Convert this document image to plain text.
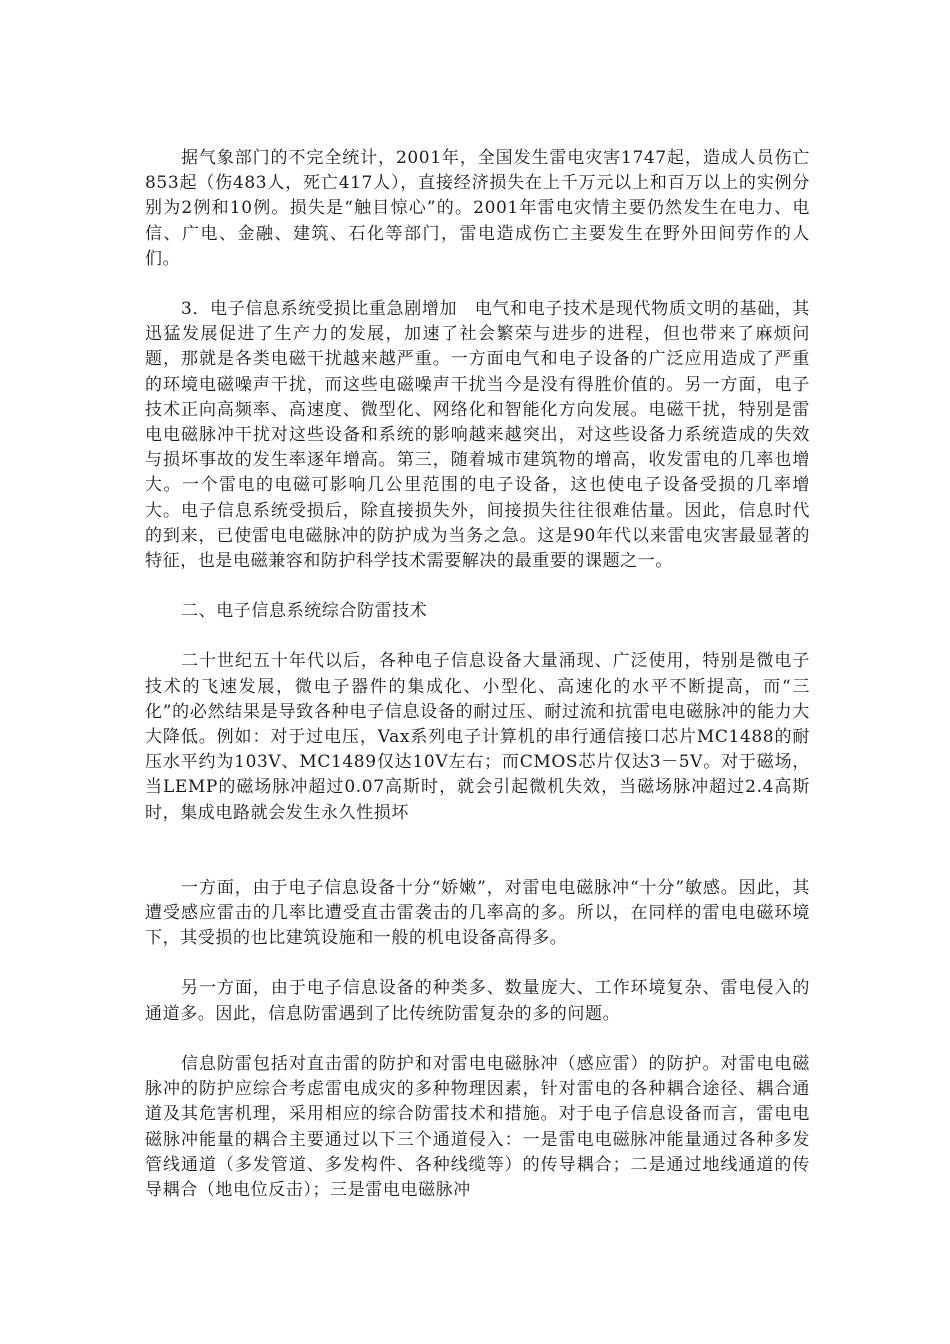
据气象部门的不完全统计，2001年，全国发生雷电灾害1747起，造成人员伤亡853起（伤483人，死亡417人），直接经济损失在上千万元以上和百万以上的实例分别为2例和10例。损失是“触目惊心”的。2001年雷电灾情主要仍然发生在电力、电信、广电、金融、建筑、石化等部门，雷电造成伤亡主要发生在野外田间劳作的人们。

3．电子信息系统受损比重急剧增加　电气和电子技术是现代物质文明的基础，其迅猛发展促进了生产力的发展，加速了社会繁荣与进步的进程，但也带来了麻烦问题，那就是各类电磁干扰越来越严重。一方面电气和电子设备的广泛应用造成了严重的环境电磁噪声干扰，而这些电磁噪声干扰当今是没有得胜价值的。另一方面，电子技术正向高频率、高速度、微型化、网络化和智能化方向发展。电磁干扰，特别是雷电电磁脉冲干扰对这些设备和系统的影响越来越突出，对这些设备力系统造成的失效与损坏事故的发生率逐年增高。第三，随着城市建筑物的增高，收发雷电的几率也增大。一个雷电的电磁可影响几公里范围的电子设备，这也使电子设备受损的几率增大。电子信息系统受损后，除直接损失外，间接损失往往很难估量。因此，信息时代的到来，已使雷电电磁脉冲的防护成为当务之急。这是90年代以来雷电灾害最显著的特征，也是电磁兼容和防护科学技术需要解决的最重要的课题之一。

二、电子信息系统综合防雷技术

二十世纪五十年代以后，各种电子信息设备大量涌现、广泛使用，特别是微电子技术的飞速发展，微电子器件的集成化、小型化、高速化的水平不断提高，而“三化”的必然结果是导致各种电子信息设备的耐过压、耐过流和抗雷电电磁脉冲的能力大大降低。例如：对于过电压，Vax系列电子计算机的串行通信接口芯片MC1488的耐压水平约为103V、MC1489仅达10V左右；而CMOS芯片仅达3－5V。对于磁场，当LEMP的磁场脉冲超过0.07高斯时，就会引起微机失效，当磁场脉冲超过2.4高斯时，集成电路就会发生永久性损坏

一方面，由于电子信息设备十分“娇嫩”，对雷电电磁脉冲“十分”敏感。因此，其遭受感应雷击的几率比遭受直击雷袭击的几率高的多。所以，在同样的雷电电磁环境下，其受损的也比建筑设施和一般的机电设备高得多。

另一方面，由于电子信息设备的种类多、数量庞大、工作环境复杂、雷电侵入的通道多。因此，信息防雷遇到了比传统防雷复杂的多的问题。

信息防雷包括对直击雷的防护和对雷电电磁脉冲（感应雷）的防护。对雷电电磁脉冲的防护应综合考虑雷电成灾的多种物理因素，针对雷电的各种耦合途径、耦合通道及其危害机理，采用相应的综合防雷技术和措施。对于电子信息设备而言，雷电电磁脉冲能量的耦合主要通过以下三个通道侵入：一是雷电电磁脉冲能量通过各种多发管线通道（多发管道、多发构件、各种线缆等）的传导耦合；二是通过地线通道的传导耦合（地电位反击）；三是雷电电磁脉冲
